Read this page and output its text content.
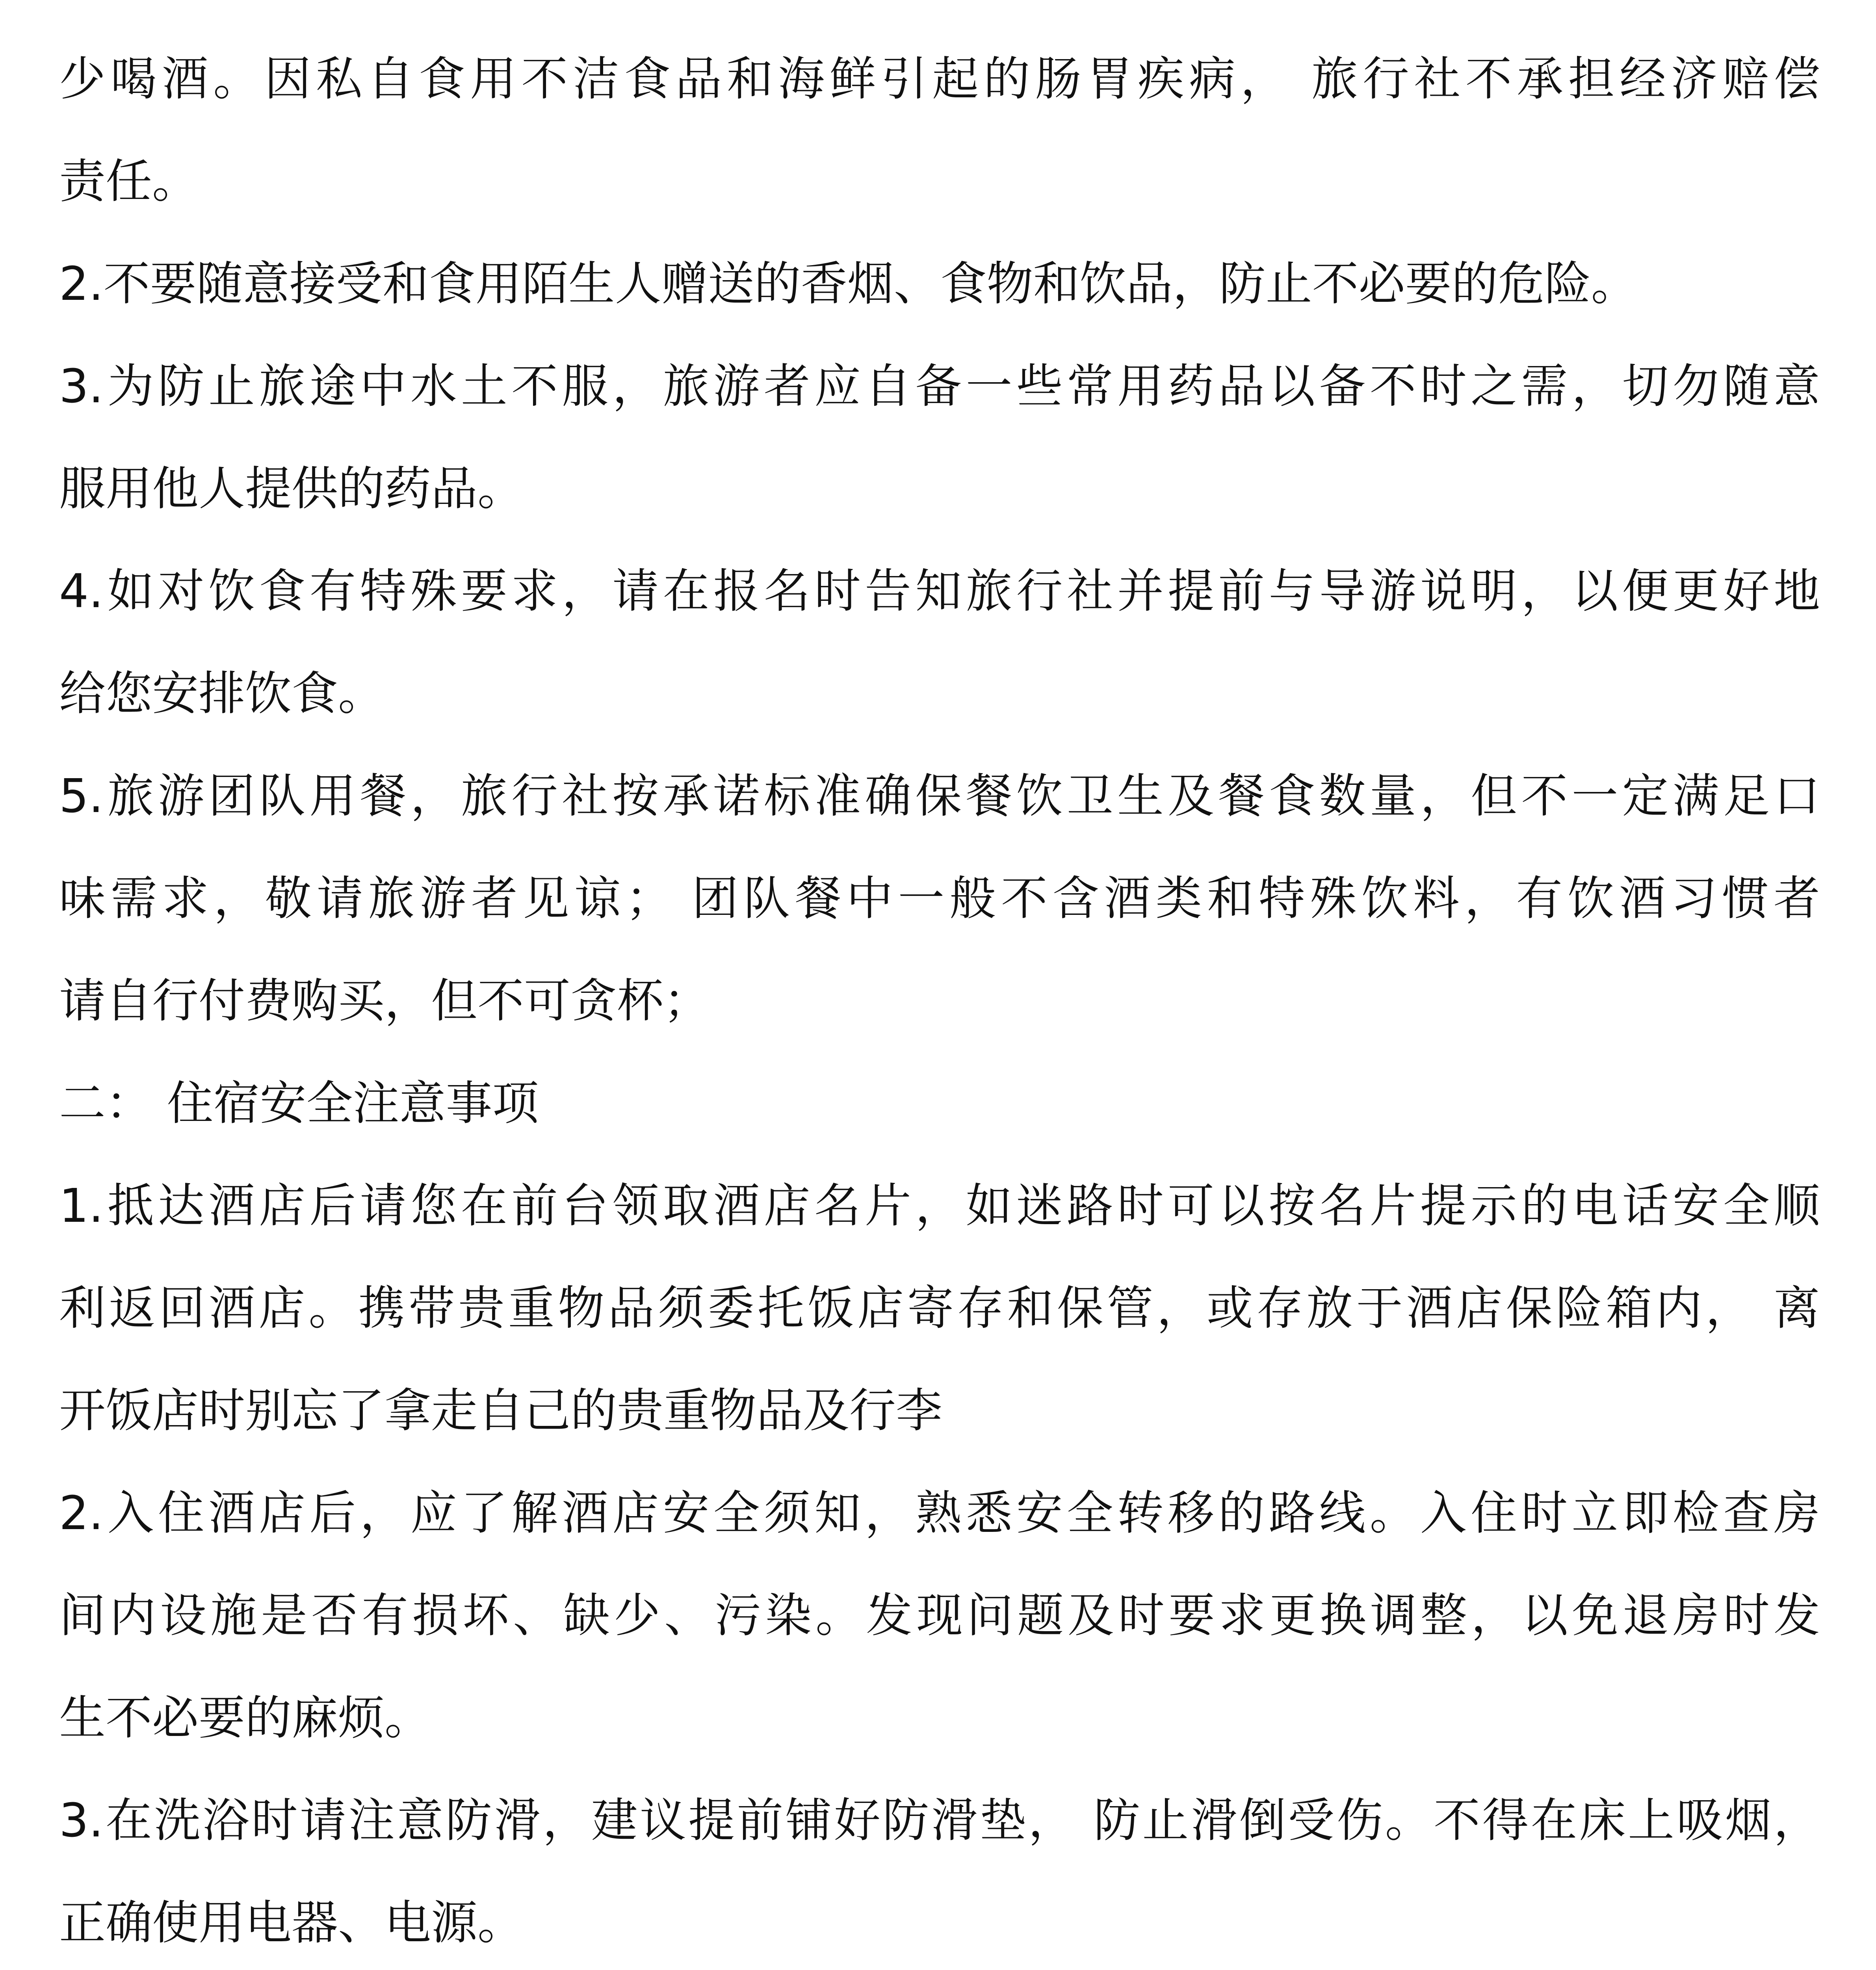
少喝酒。因私自食用不洁食品和海鲜引起的肠胃疾病， 旅行社不承担经济赔偿
责任。
2.不要随意接受和食用陌生人赠送的香烟、食物和饮品，防止不必要的危险。
3.为防止旅途中水土不服，旅游者应自备一些常用药品以备不时之需，切勿随意
服用他人提供的药品。
4.如对饮食有特殊要求，请在报名时告知旅行社并提前与导游说明，以便更好地
给您安排饮食。
5.旅游团队用餐，旅行社按承诺标准确保餐饮卫生及餐食数量，但不一定满足口
味需求，敬请旅游者见谅； 团队餐中一般不含酒类和特殊饮料，有饮酒习惯者
请自行付费购买，但不可贪杯；
二： 住宿安全注意事项
1.抵达酒店后请您在前台领取酒店名片，如迷路时可以按名片提示的电话安全顺
利返回酒店。携带贵重物品须委托饭店寄存和保管，或存放于酒店保险箱内， 离
开饭店时别忘了拿走自己的贵重物品及行李
2.入住酒店后，应了解酒店安全须知，熟悉安全转移的路线。入住时立即检查房
间内设施是否有损坏、缺少、污染。发现问题及时要求更换调整，以免退房时发
生不必要的麻烦。
3.在洗浴时请注意防滑，建议提前铺好防滑垫， 防止滑倒受伤。不得在床上吸烟，
正确使用电器、电源。
